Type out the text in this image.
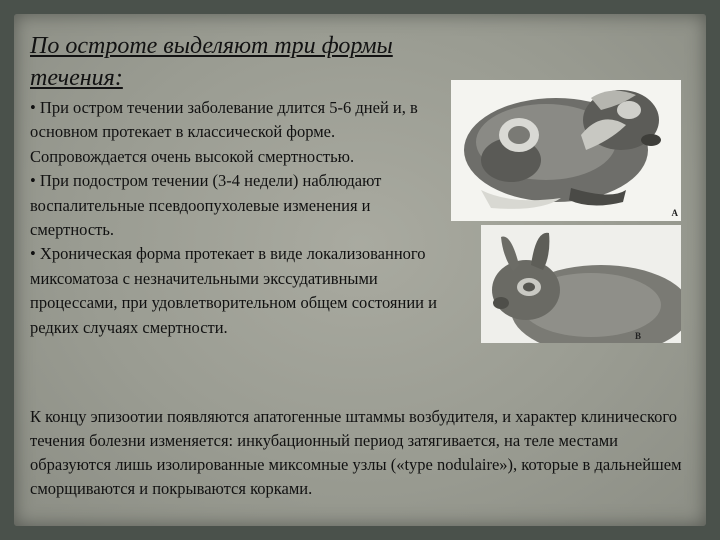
По остроте выделяют три формы течения:

• При остром течении заболевание длится 5-6 дней и, в основном протекает в классической форме. Сопровождается очень высокой смертностью.

• При подостром течении (3-4 недели) наблюдают воспалительные псевдоопухолевые изменения и смертность.

• Хроническая форма протекает в виде локализованного миксоматоза с незначительными экссудативными процессами, при удовлетворительном общем состоянии и редких случаях смертности.

A
B

К концу эпизоотии появляются апатогенные штаммы возбудителя, и характер клинического течения болезни изменяется: инкубационный период затягивается, на теле местами образуются лишь изолированные миксомные узлы («type nodulaire»), которые в дальнейшем сморщиваются и покрываются корками.
